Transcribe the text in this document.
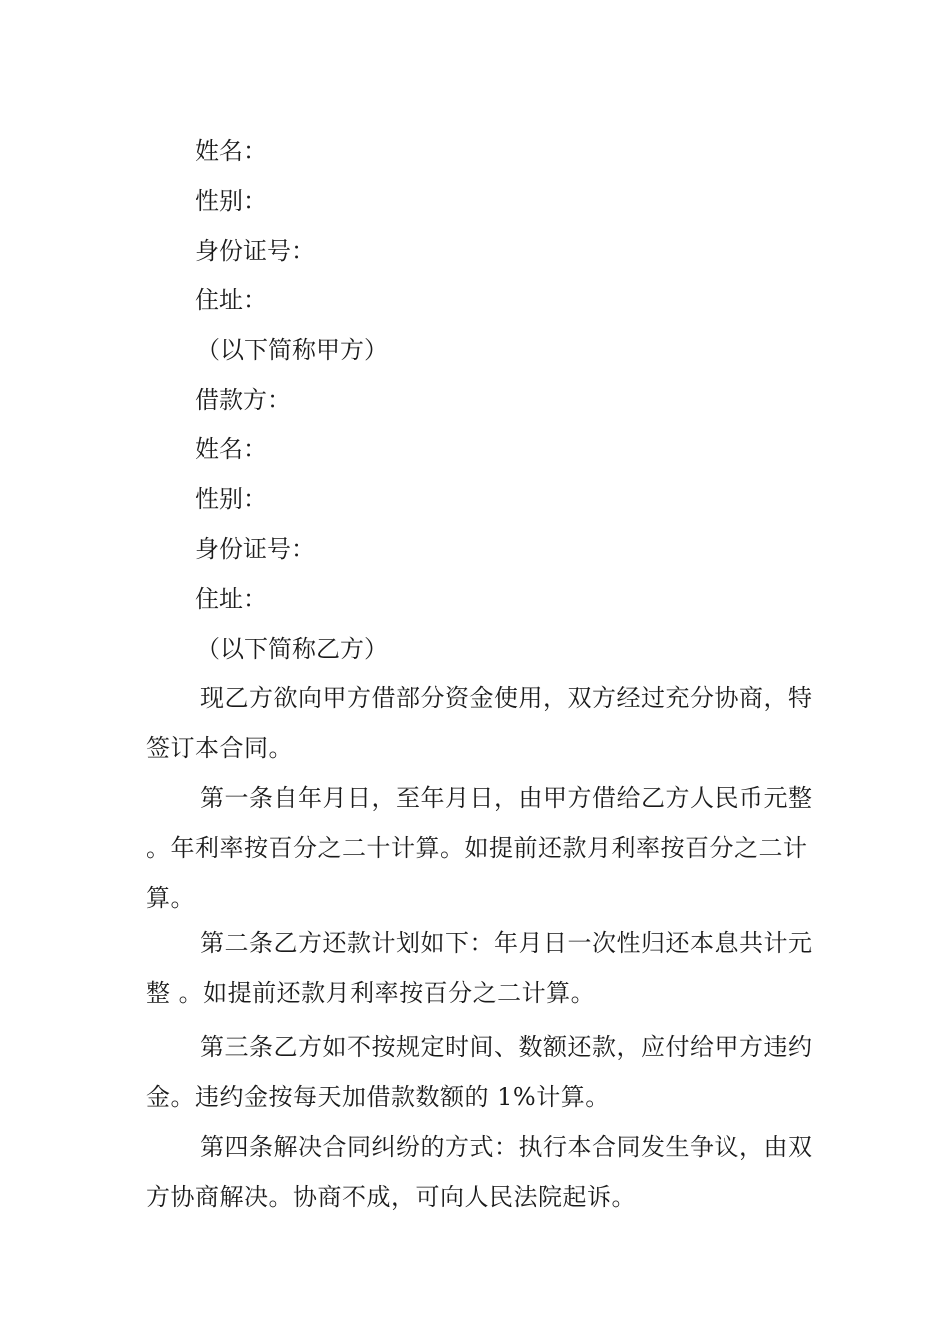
姓名：
性别：
身份证号：
住址：
（以下简称甲方）
借款方：
姓名：
性别：
身份证号：
住址：
（以下简称乙方）
现乙方欲向甲方借部分资金使用，双方经过充分协商，特签订本合同。
第一条自年月日，至年月日，由甲方借给乙方人民币元整 。年利率按百分之二十计算。如提前还款月利率按百分之二计算。
第二条乙方还款计划如下：年月日一次性归还本息共计元整 。如提前还款月利率按百分之二计算。
第三条乙方如不按规定时间、数额还款，应付给甲方违约金。违约金按每天加借款数额的 1%计算。
第四条解决合同纠纷的方式：执行本合同发生争议，由双方协商解决。协商不成，可向人民法院起诉。
